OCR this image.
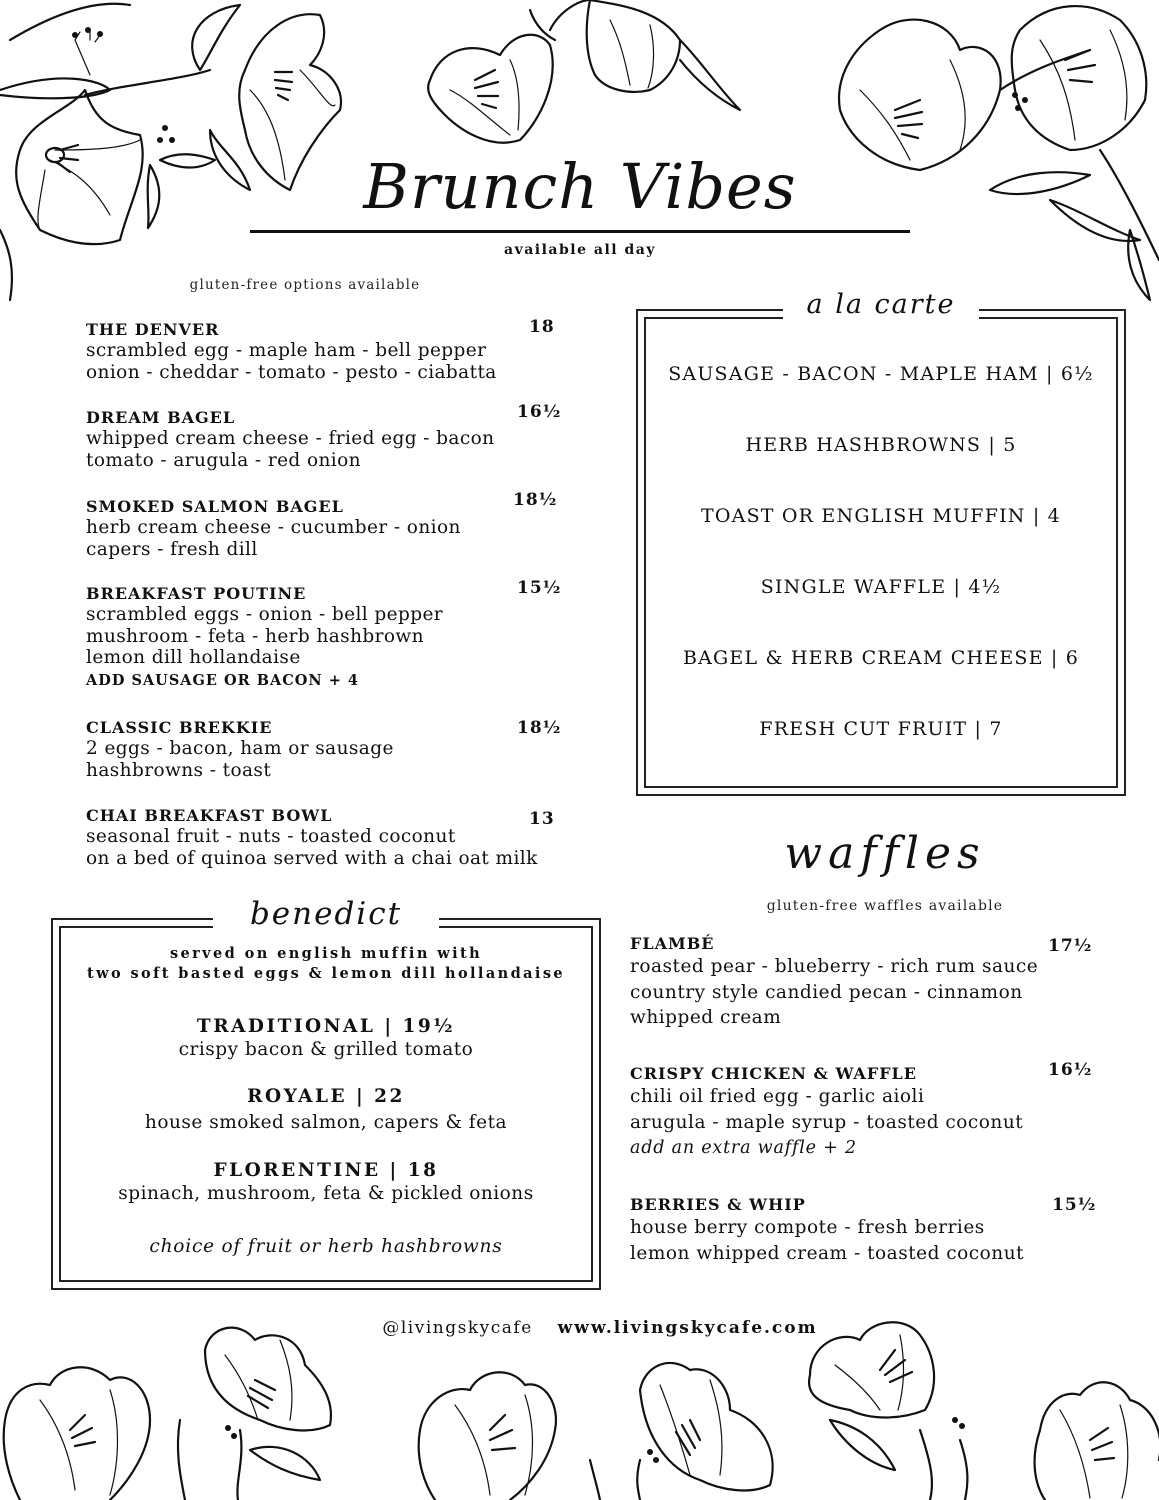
Brunch Vibes
available all day
gluten-free options available
THE DENVER	18
scrambled egg - maple ham - bell pepper
onion - cheddar - tomato - pesto - ciabatta
DREAM BAGEL	16½
whipped cream cheese - fried egg - bacon
tomato - arugula - red onion
SMOKED SALMON BAGEL	18½
herb cream cheese - cucumber - onion
capers - fresh dill
BREAKFAST POUTINE	15½
scrambled eggs - onion - bell pepper
mushroom - feta - herb hashbrown
lemon dill hollandaise
ADD SAUSAGE OR BACON + 4
CLASSIC BREKKIE	18½
2 eggs - bacon, ham or sausage
hashbrowns - toast
CHAI BREAKFAST BOWL	13
seasonal fruit - nuts - toasted coconut
on a bed of quinoa served with a chai oat milk
a la carte
SAUSAGE - BACON - MAPLE HAM | 6½
HERB HASHBROWNS | 5
TOAST OR ENGLISH MUFFIN | 4
SINGLE WAFFLE | 4½
BAGEL & HERB CREAM CHEESE | 6
FRESH CUT FRUIT | 7
benedict
served on english muffin with
two soft basted eggs & lemon dill hollandaise
TRADITIONAL | 19½
crispy bacon & grilled tomato
ROYALE | 22
house smoked salmon, capers & feta
FLORENTINE | 18
spinach, mushroom, feta & pickled onions
choice of fruit or herb hashbrowns
waffles
gluten-free waffles available
FLAMBÉ	17½
roasted pear - blueberry - rich rum sauce
country style candied pecan - cinnamon
whipped cream
CRISPY CHICKEN & WAFFLE	16½
chili oil fried egg - garlic aioli
arugula - maple syrup - toasted coconut
add an extra waffle + 2
BERRIES & WHIP	15½
house berry compote - fresh berries
lemon whipped cream - toasted coconut
@livingskycafe www.livingskycafe.com
